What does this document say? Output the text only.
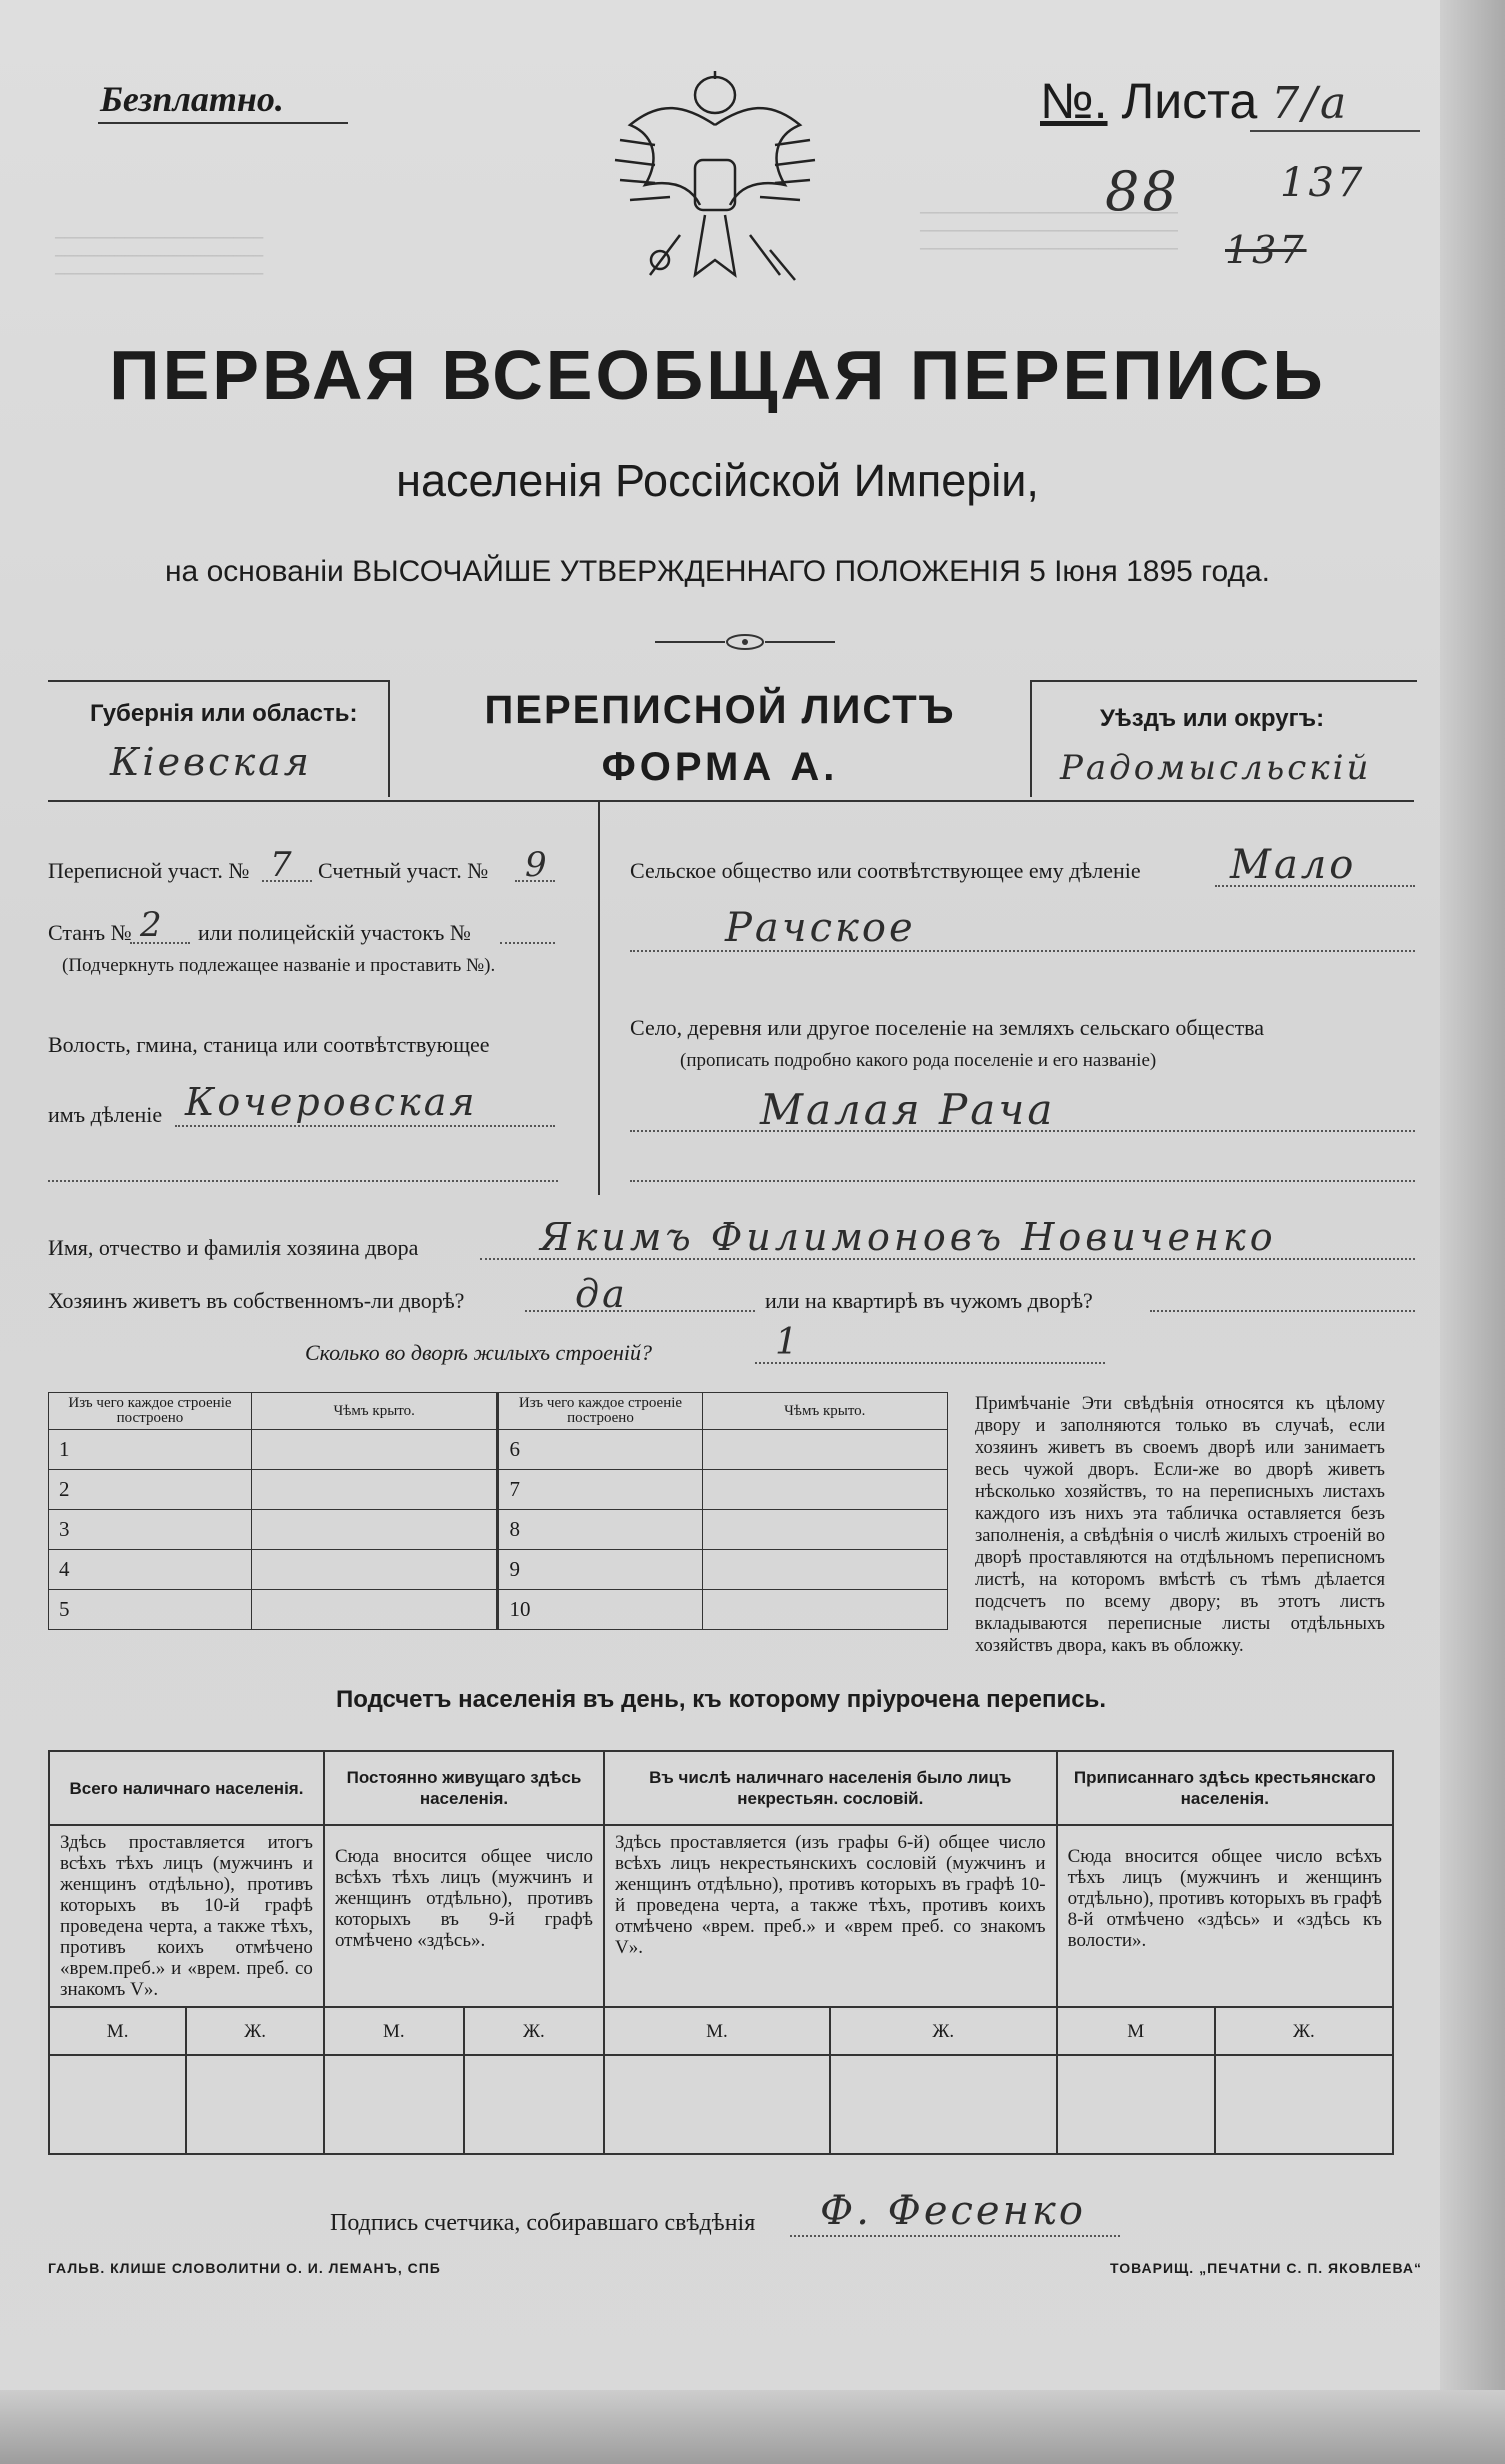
─────────────────────
─────────────────────
─────────────────────
──────────────────────────
──────────────────────────
──────────────────────────
Безплатно.	№. Листа 7/а
88	137
137
ПЕРВАЯ ВСЕОБЩАЯ ПЕРЕПИСЬ
населенія Россійской Имперіи,
на основаніи ВЫСОЧАЙШЕ УТВЕРЖДЕННАГО ПОЛОЖЕНІЯ 5 Іюня 1895 года.
Губернія или область:
Кіевская
ПЕРЕПИСНОЙ ЛИСТЪ
ФОРМА А.
Уѣздъ или округъ:
Радомысльскій
Переписной участ. № 7 Счетный участ. № 9
Станъ № 2 или полицейскій участокъ №
(Подчеркнуть подлежащее названіе и проставить №).
Волость, гмина, станица или соотвѣтствующее
имъ дѣленіе Кочеровская
Сельское общество или соотвѣтствующее ему дѣленіе Мало
Рачское
Село, деревня или другое поселеніе на земляхъ сельскаго общества
(прописать подробно какого рода поселеніе и его названіе)
Малая Рача
Имя, отчество и фамилія хозяина двора	Якимъ Филимоновъ Новиченко
Хозяинъ живетъ въ собственномъ-ли дворѣ?	да	или на квартирѣ въ чужомъ дворѣ?
Сколько во дворѣ жилыхъ строеній?	1
Изъ чего каждое строеніе построено	Чѣмъ крыто.	Изъ чего каждое строеніе построено	Чѣмъ крыто.
1		6	
2		7	
3		8	
4		9	
5		10	
Примѣчаніе Эти свѣдѣнія относятся къ цѣлому двору и заполняются только въ случаѣ, если хозяинъ живетъ въ своемъ дворѣ или занимаетъ весь чужой дворъ. Если-же во дворѣ живетъ нѣсколько хозяйствъ, то на переписныхъ листахъ каждого изъ нихъ эта табличка оставляется безъ заполненія, а свѣдѣнія о числѣ жилыхъ строеній во дворѣ проставляются на отдѣльномъ переписномъ листѣ, на которомъ вмѣстѣ съ тѣмъ дѣлается подсчетъ по всему двору; въ этотъ листъ вкладываются переписные листы отдѣльныхъ хозяйствъ двора, какъ въ обложку.
Подсчетъ населенія въ день, къ которому пріурочена перепись.
Всего наличнаго населенія.		Постоянно живущаго здѣсь населенія.		Въ числѣ наличнаго населенія было лицъ некрестьян. сословій.		Приписаннаго здѣсь крестьянскаго населенія.	
Здѣсь проставляется итогъ всѣхъ тѣхъ лицъ (мужчинъ и женщинъ отдѣльно), противъ которыхъ въ 10-й графѣ проведена черта, а также тѣхъ, противъ коихъ отмѣчено «врем.преб.» и «врем. преб. со знакомъ V».		Сюда вносится общее число всѣхъ тѣхъ лицъ (мужчинъ и женщинъ отдѣльно), противъ которыхъ въ 9-й графѣ отмѣчено «здѣсь».		Здѣсь проставляется (изъ графы 6-й) общее число всѣхъ лицъ некрестьянскихъ сословій (мужчинъ и женщинъ отдѣльно), противъ которыхъ въ графѣ 10-й проведена черта, а также тѣхъ, противъ коихъ отмѣчено «врем. преб.» и «врем преб. со знакомъ V».		Сюда вносится общее число всѣхъ тѣхъ лицъ (мужчинъ и женщинъ отдѣльно), противъ которыхъ въ графѣ 8-й отмѣчено «здѣсь» и «здѣсь къ волости».	
М.	Ж.	М.	Ж.	М.	Ж.	М	Ж.

Подпись счетчика, собиравшаго свѣдѣнія Ф. Фесенко
ГАЛЬВ. КЛИШЕ СЛОВОЛИТНИ О. И. ЛЕМАНЪ, СПБ	ТОВАРИЩ. „ПЕЧАТНИ С. П. ЯКОВЛЕВА“
